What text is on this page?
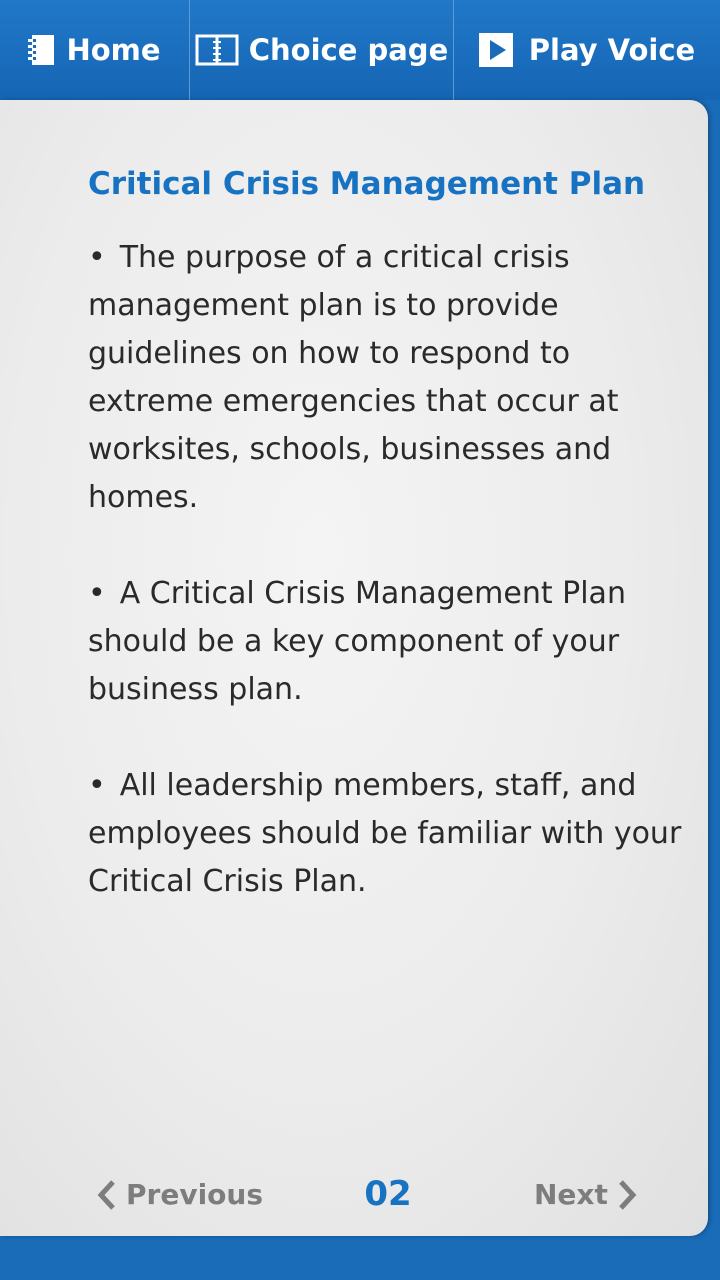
Home	Choice page	Play Voice
Critical Crisis Management Plan

• The purpose of a critical crisis management plan is to provide guidelines on how to respond to extreme emergencies that occur at worksites, schools, businesses and homes.

• A Critical Crisis Management Plan should be a key component of your business plan.

• All leadership members, staff, and employees should be familiar with your Critical Crisis Plan.

Previous	02	Next
